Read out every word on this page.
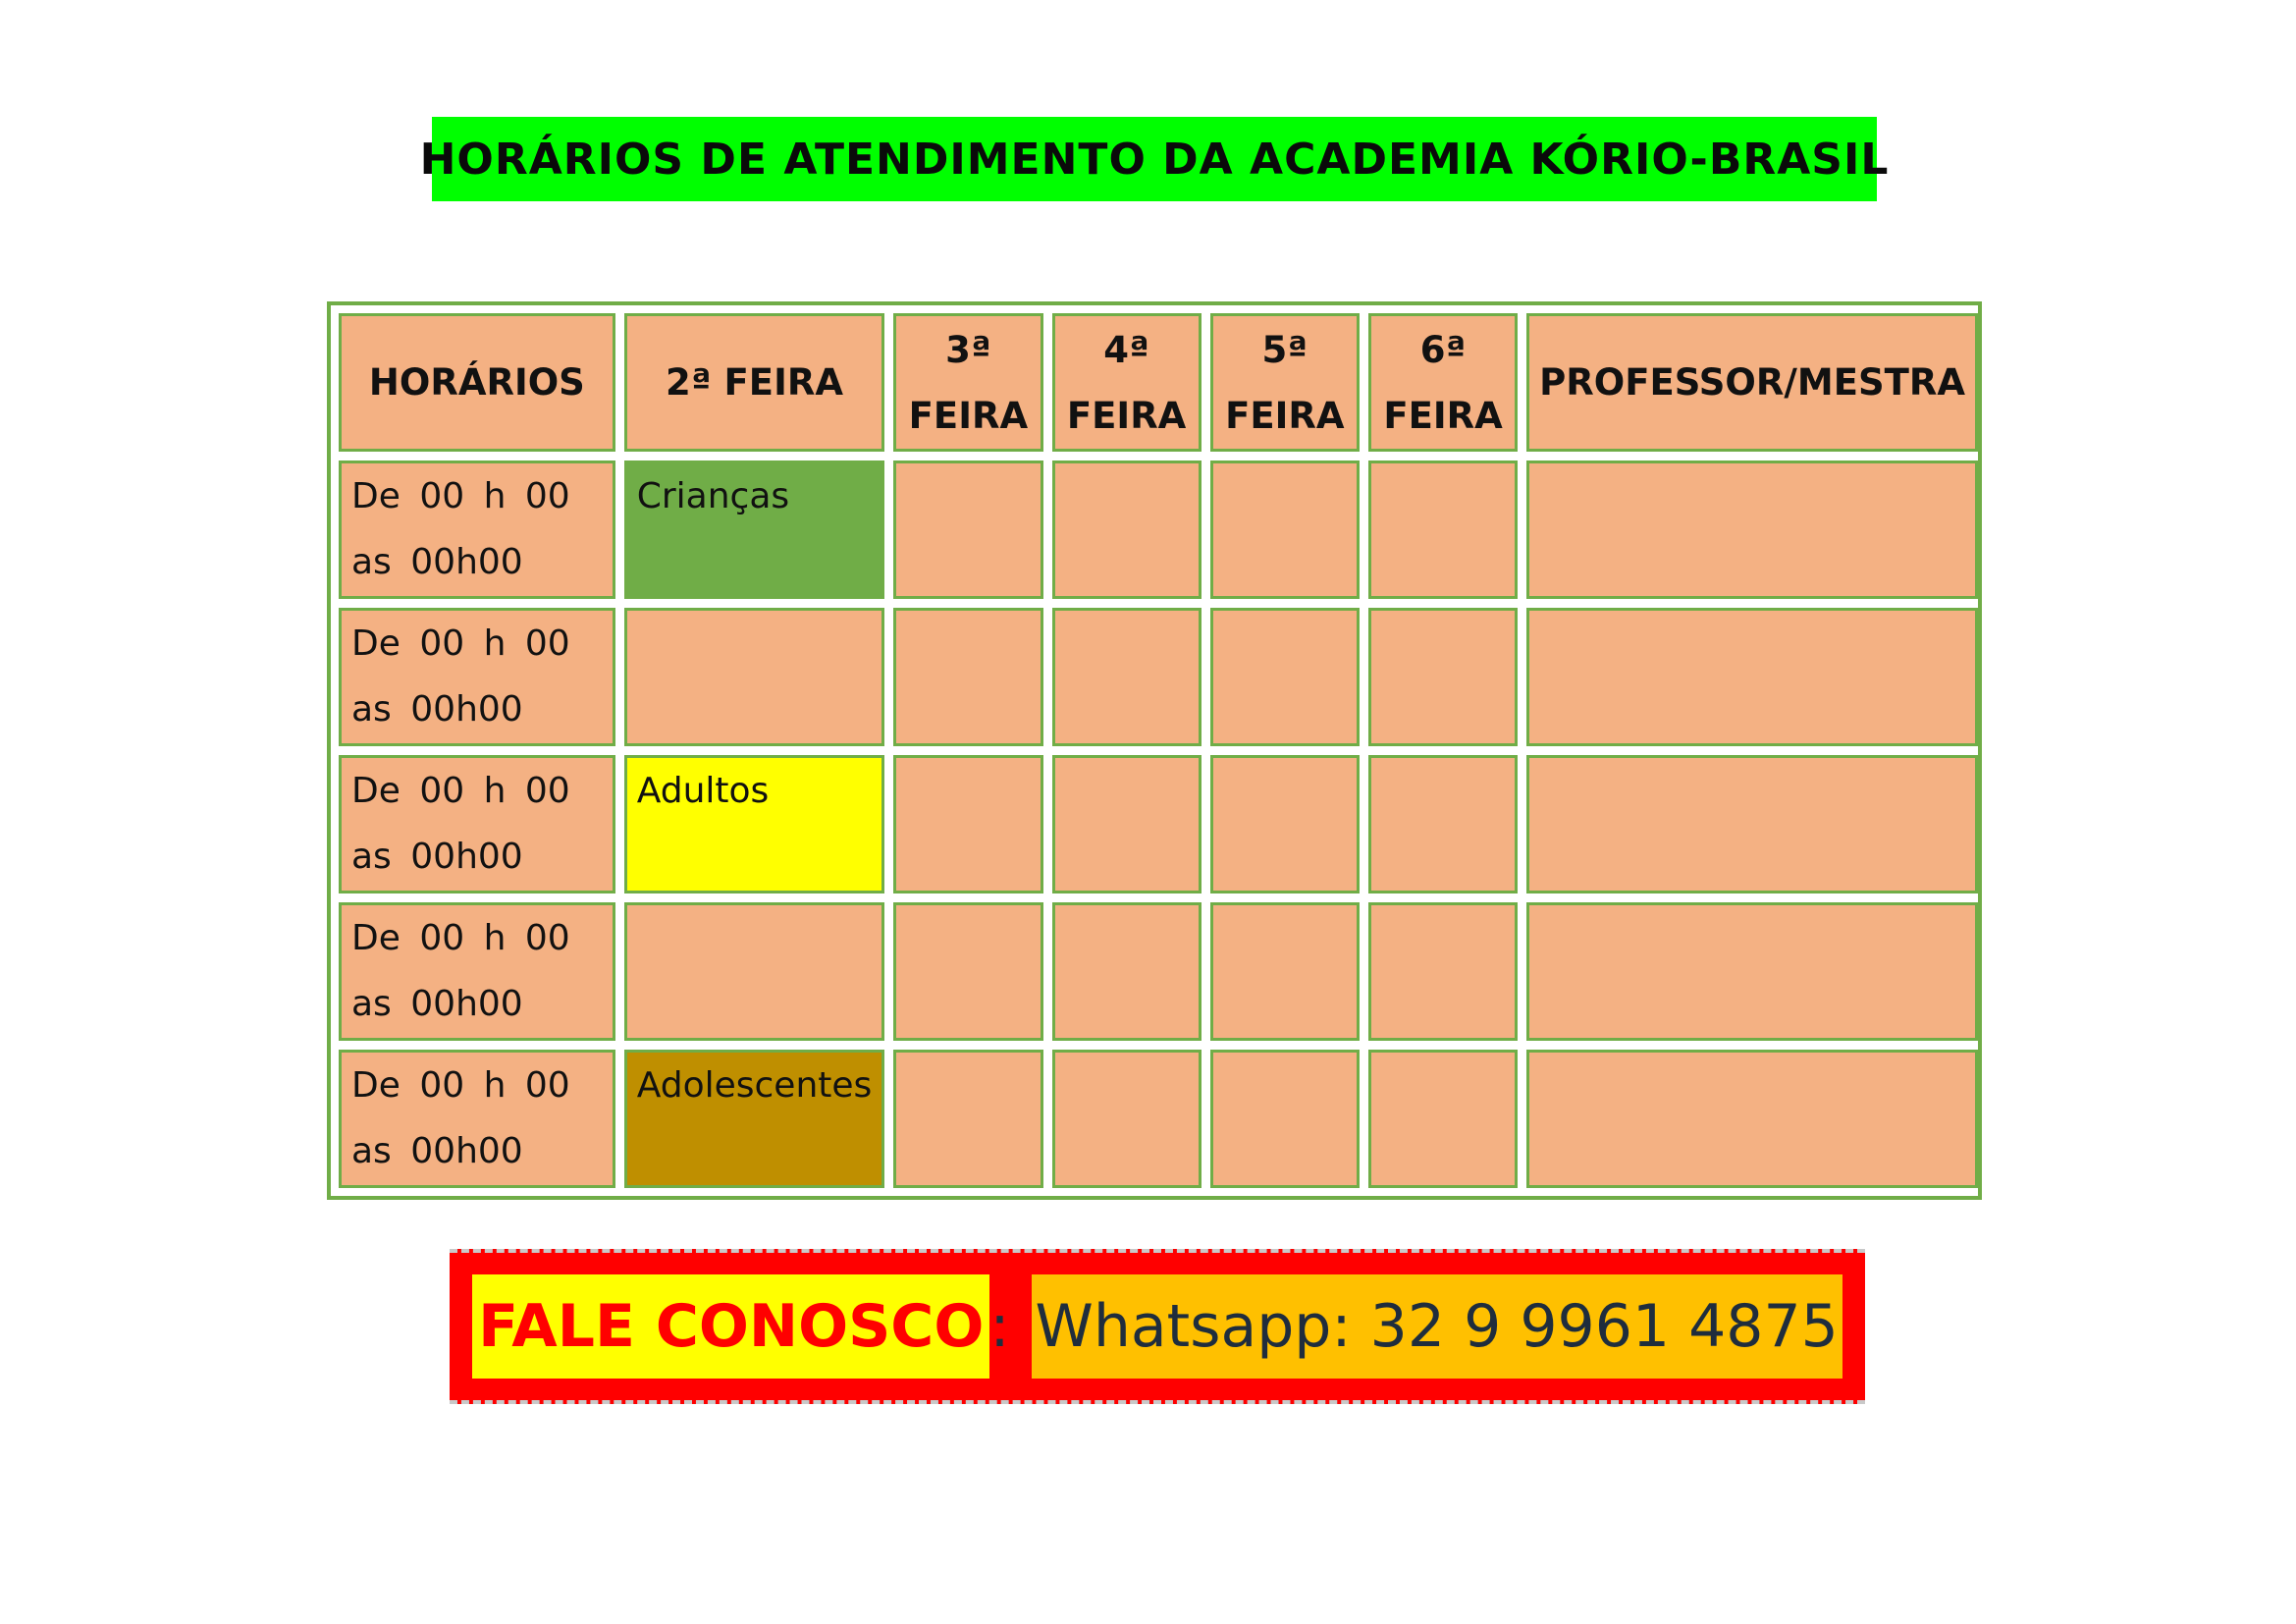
HORÁRIOS DE ATENDIMENTO DA ACADEMIA KÓRIO-BRASIL
HORÁRIOS	2ª FEIRA	3ª FEIRA	4ª FEIRA	5ª FEIRA	6ª FEIRA	PROFESSOR/MESTRA
De 00 h 00 as 00h00	Crianças					
De 00 h 00 as 00h00						
De 00 h 00 as 00h00	Adultos					
De 00 h 00 as 00h00						
De 00 h 00 as 00h00	Adolescentes					
FALE CONOSCO : Whatsapp: 32 9 9961 4875
